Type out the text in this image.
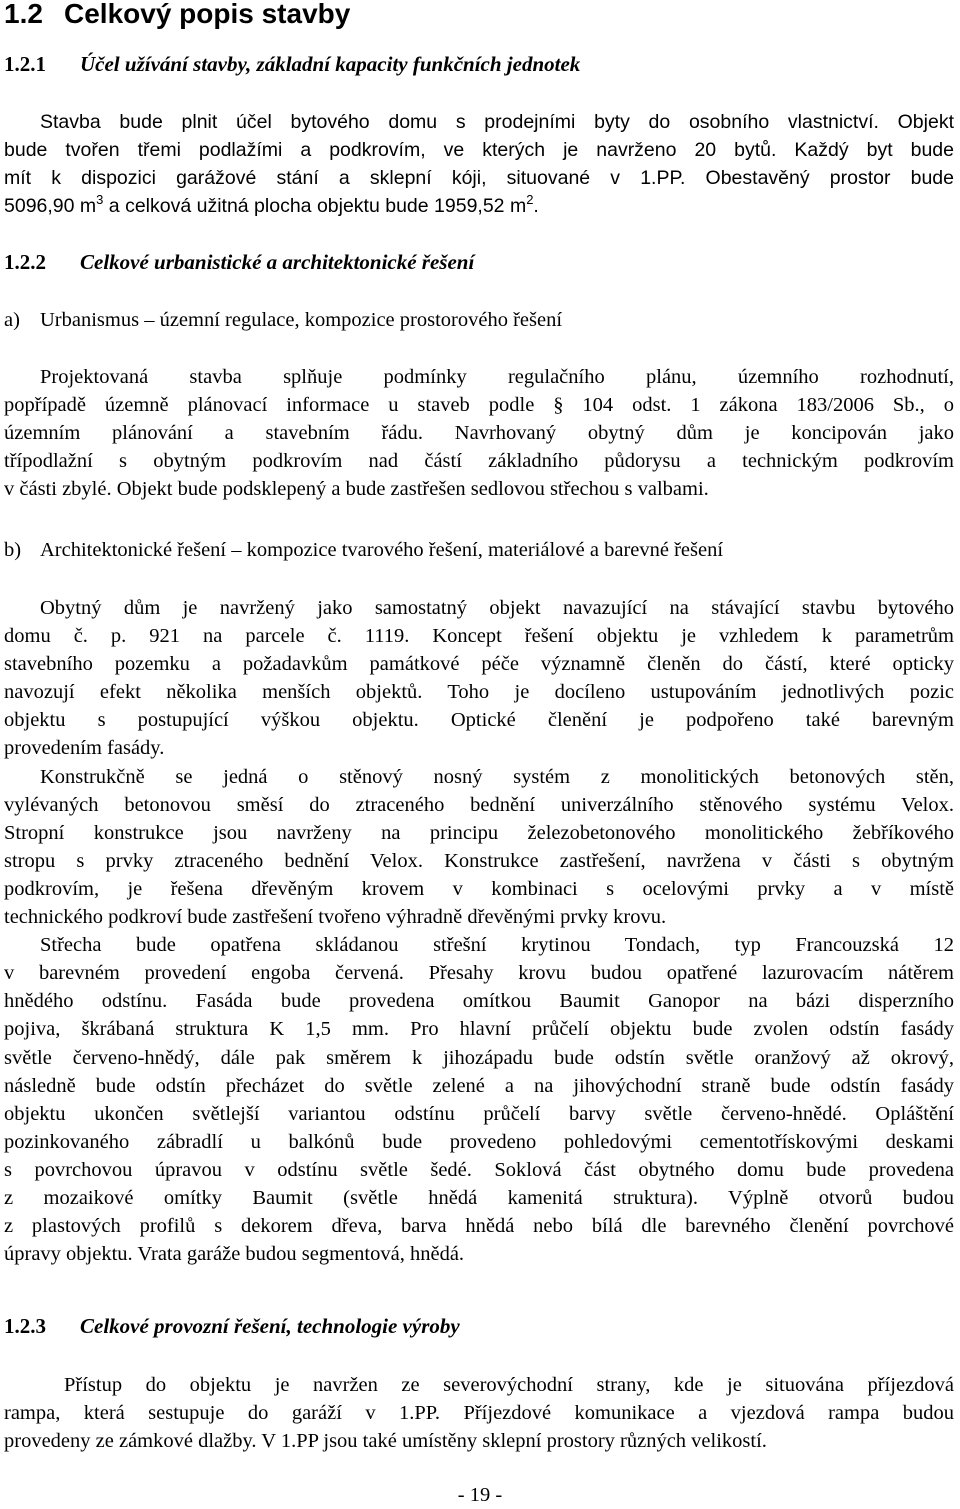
1.2 Celkový popis stavby
1.2.1 Účel užívání stavby, základní kapacity funkčních jednotek
Stavba bude plnit účel bytového domu s prodejními byty do osobního vlastnictví. Objekt
bude tvořen třemi podlažími a podkrovím, ve kterých je navrženo 20 bytů. Každý byt bude
mít k dispozici garážové stání a sklepní kóji, situované v 1.PP. Obestavěný prostor bude
5096,90 $m^3$ a celková užitná plocha objektu bude 1959,52 $m^2$.
1.2.2 Celkové urbanistické a architektonické řešení
a) Urbanismus – územní regulace, kompozice prostorového řešení
Projektovaná stavba splňuje podmínky regulačního plánu, územního rozhodnutí,
popřípadě územně plánovací informace u staveb podle § 104 odst. 1 zákona 183/2006 Sb., o
územním plánování a stavebním řádu. Navrhovaný obytný dům je koncipován jako
třípodlažní s obytným podkrovím nad částí základního půdorysu a technickým podkrovím
v části zbylé. Objekt bude podsklepený a bude zastřešen sedlovou střechou s valbami.
b) Architektonické řešení – kompozice tvarového řešení, materiálové a barevné řešení
Obytný dům je navržený jako samostatný objekt navazující na stávající stavbu bytového
domu č. p. 921 na parcele č. 1119. Koncept řešení objektu je vzhledem k parametrům
stavebního pozemku a požadavkům památkové péče významně členěn do částí, které opticky
navozují efekt několika menších objektů. Toho je docíleno ustupováním jednotlivých pozic
objektu s postupující výškou objektu. Optické členění je podpořeno také barevným
provedením fasády.
Konstrukčně se jedná o stěnový nosný systém z monolitických betonových stěn,
vylévaných betonovou směsí do ztraceného bednění univerzálního stěnového systému Velox.
Stropní konstrukce jsou navrženy na principu železobetonového monolitického žebříkového
stropu s prvky ztraceného bednění Velox. Konstrukce zastřešení, navržena v části s obytným
podkrovím, je řešena dřevěným krovem v kombinaci s ocelovými prvky a v místě
technického podkroví bude zastřešení tvořeno výhradně dřevěnými prvky krovu.
Střecha bude opatřena skládanou střešní krytinou Tondach, typ Francouzská 12
v barevném provedení engoba červená. Přesahy krovu budou opatřené lazurovacím nátěrem
hnědého odstínu. Fasáda bude provedena omítkou Baumit Ganopor na bázi disperzního
pojiva, škrábaná struktura K 1,5 mm. Pro hlavní průčelí objektu bude zvolen odstín fasády
světle červeno-hnědý, dále pak směrem k jihozápadu bude odstín světle oranžový až okrový,
následně bude odstín přecházet do světle zelené a na jihovýchodní straně bude odstín fasády
objektu ukončen světlejší variantou odstínu průčelí barvy světle červeno-hnědé. Opláštění
pozinkovaného zábradlí u balkónů bude provedeno pohledovými cementotřískovými deskami
s povrchovou úpravou v odstínu světle šedé. Soklová část obytného domu bude provedena
z mozaikové omítky Baumit (světle hnědá kamenitá struktura). Výplně otvorů budou
z plastových profilů s dekorem dřeva, barva hnědá nebo bílá dle barevného členění povrchové
úpravy objektu. Vrata garáže budou segmentová, hnědá.
1.2.3 Celkové provozní řešení, technologie výroby
Přístup do objektu je navržen ze severovýchodní strany, kde je situována příjezdová
rampa, která sestupuje do garáží v 1.PP. Příjezdové komunikace a vjezdová rampa budou
provedeny ze zámkové dlažby. V 1.PP jsou také umístěny sklepní prostory různých velikostí.
- 19 -
